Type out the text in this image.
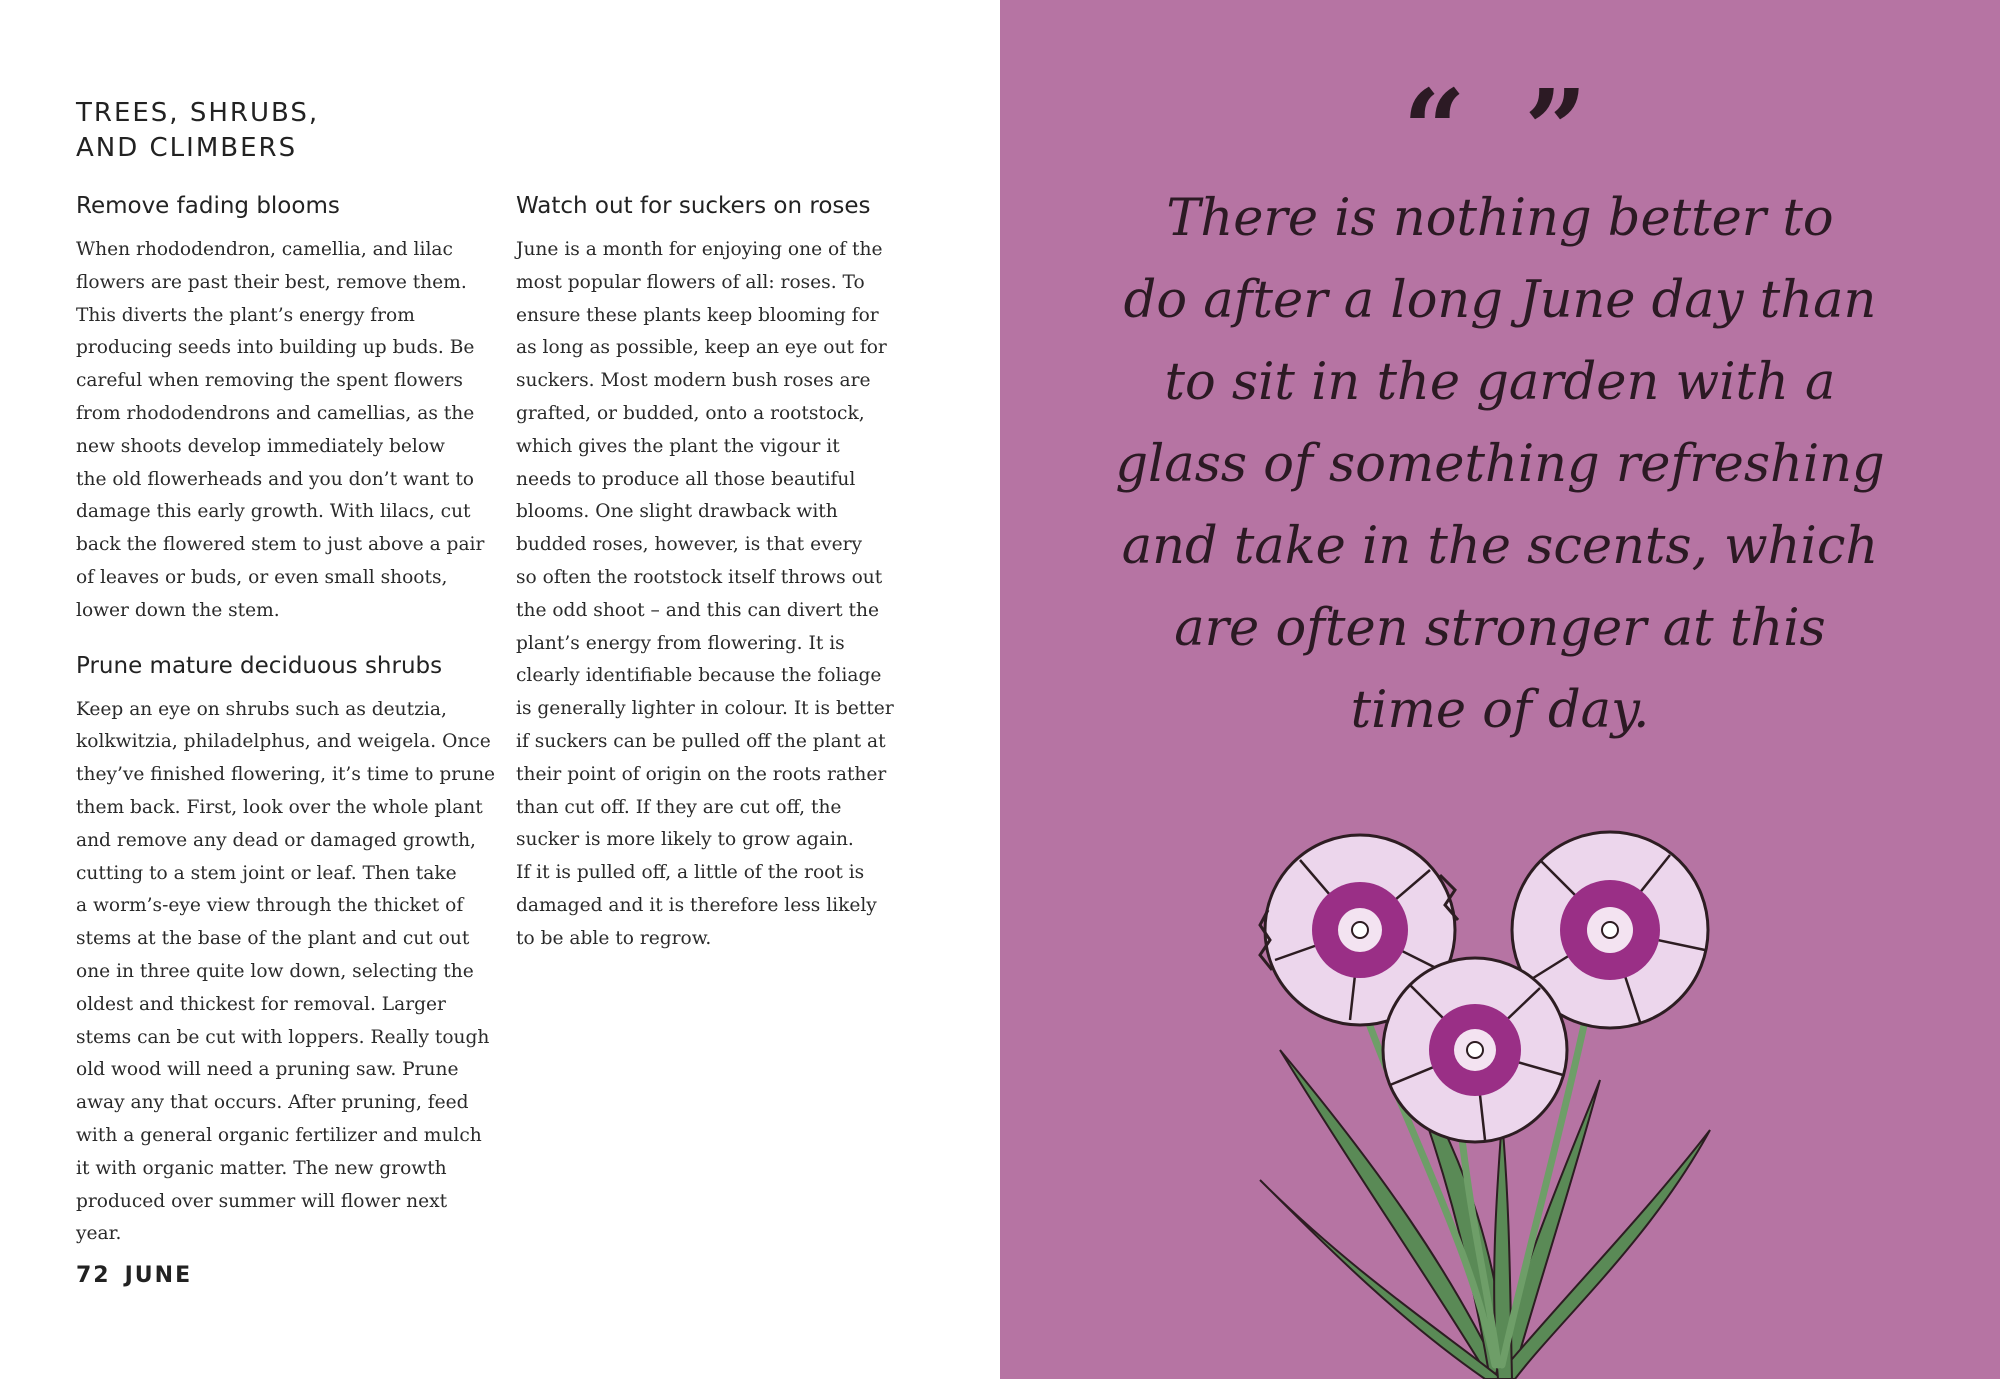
TREES, SHRUBS,
AND CLIMBERS
Remove fading blooms

When rhododendron, camellia, and lilac
flowers are past their best, remove them.
This diverts the plant’s energy from
producing seeds into building up buds. Be
careful when removing the spent flowers
from rhododendrons and camellias, as the
new shoots develop immediately below
the old flowerheads and you don’t want to
damage this early growth. With lilacs, cut
back the flowered stem to just above a pair
of leaves or buds, or even small shoots,
lower down the stem.

Prune mature deciduous shrubs

Keep an eye on shrubs such as deutzia,
kolkwitzia, philadelphus, and weigela. Once
they’ve finished flowering, it’s time to prune
them back. First, look over the whole plant
and remove any dead or damaged growth,
cutting to a stem joint or leaf. Then take
a worm’s-eye view through the thicket of
stems at the base of the plant and cut out
one in three quite low down, selecting the
oldest and thickest for removal. Larger
stems can be cut with loppers. Really tough
old wood will need a pruning saw. Prune
away any that occurs. After pruning, feed
with a general organic fertilizer and mulch
it with organic matter. The new growth
produced over summer will flower next year.

Watch out for suckers on roses

June is a month for enjoying one of the
most popular flowers of all: roses. To
ensure these plants keep blooming for
as long as possible, keep an eye out for
suckers. Most modern bush roses are
grafted, or budded, onto a rootstock,
which gives the plant the vigour it
needs to produce all those beautiful
blooms. One slight drawback with
budded roses, however, is that every
so often the rootstock itself throws out
the odd shoot – and this can divert the
plant’s energy from flowering. It is
clearly identifiable because the foliage
is generally lighter in colour. It is better
if suckers can be pulled off the plant at
their point of origin on the roots rather
than cut off. If they are cut off, the
sucker is more likely to grow again.
If it is pulled off, a little of the root is
damaged and it is therefore less likely
to be able to regrow.

72 JUNE
“ ”
There is nothing better to
do after a long June day than
to sit in the garden with a
glass of something refreshing
and take in the scents, which
are often stronger at this
time of day.
